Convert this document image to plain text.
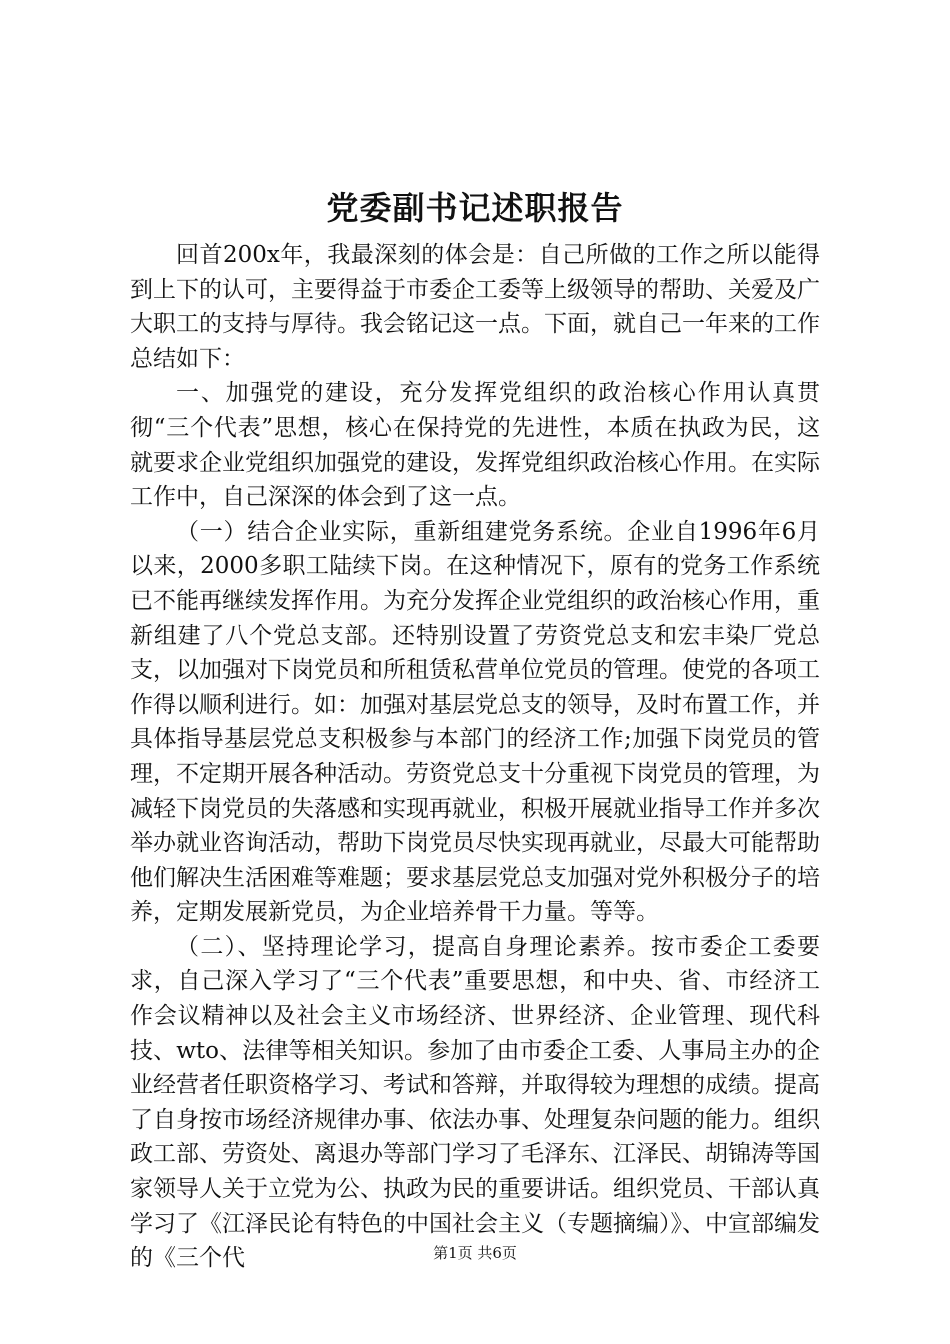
党委副书记述职报告

回首200x年，我最深刻的体会是：自己所做的工作之所以能得到上下的认可，主要得益于市委企工委等上级领导的帮助、关爱及广大职工的支持与厚待。我会铭记这一点。下面，就自己一年来的工作总结如下：

一、加强党的建设，充分发挥党组织的政治核心作用认真贯彻“三个代表”思想，核心在保持党的先进性，本质在执政为民，这就要求企业党组织加强党的建设，发挥党组织政治核心作用。在实际工作中，自己深深的体会到了这一点。

（一）结合企业实际，重新组建党务系统。企业自1996年6月以来，2000多职工陆续下岗。在这种情况下，原有的党务工作系统已不能再继续发挥作用。为充分发挥企业党组织的政治核心作用，重新组建了八个党总支部。还特别设置了劳资党总支和宏丰染厂党总支，以加强对下岗党员和所租赁私营单位党员的管理。使党的各项工作得以顺利进行。如：加强对基层党总支的领导，及时布置工作，并具体指导基层党总支积极参与本部门的经济工作;加强下岗党员的管理，不定期开展各种活动。劳资党总支十分重视下岗党员的管理，为减轻下岗党员的失落感和实现再就业，积极开展就业指导工作并多次举办就业咨询活动，帮助下岗党员尽快实现再就业，尽最大可能帮助他们解决生活困难等难题；要求基层党总支加强对党外积极分子的培养，定期发展新党员，为企业培养骨干力量。等等。

（二）、坚持理论学习，提高自身理论素养。按市委企工委要求，自己深入学习了“三个代表”重要思想，和中央、省、市经济工作会议精神以及社会主义市场经济、世界经济、企业管理、现代科技、wto、法律等相关知识。参加了由市委企工委、人事局主办的企业经营者任职资格学习、考试和答辩，并取得较为理想的成绩。提高了自身按市场经济规律办事、依法办事、处理复杂问题的能力。组织政工部、劳资处、离退办等部门学习了毛泽东、江泽民、胡锦涛等国家领导人关于立党为公、执政为民的重要讲话。组织党员、干部认真学习了《江泽民论有特色的中国社会主义（专题摘编）》、中宣部编发的《三个代	第1页 共6页
